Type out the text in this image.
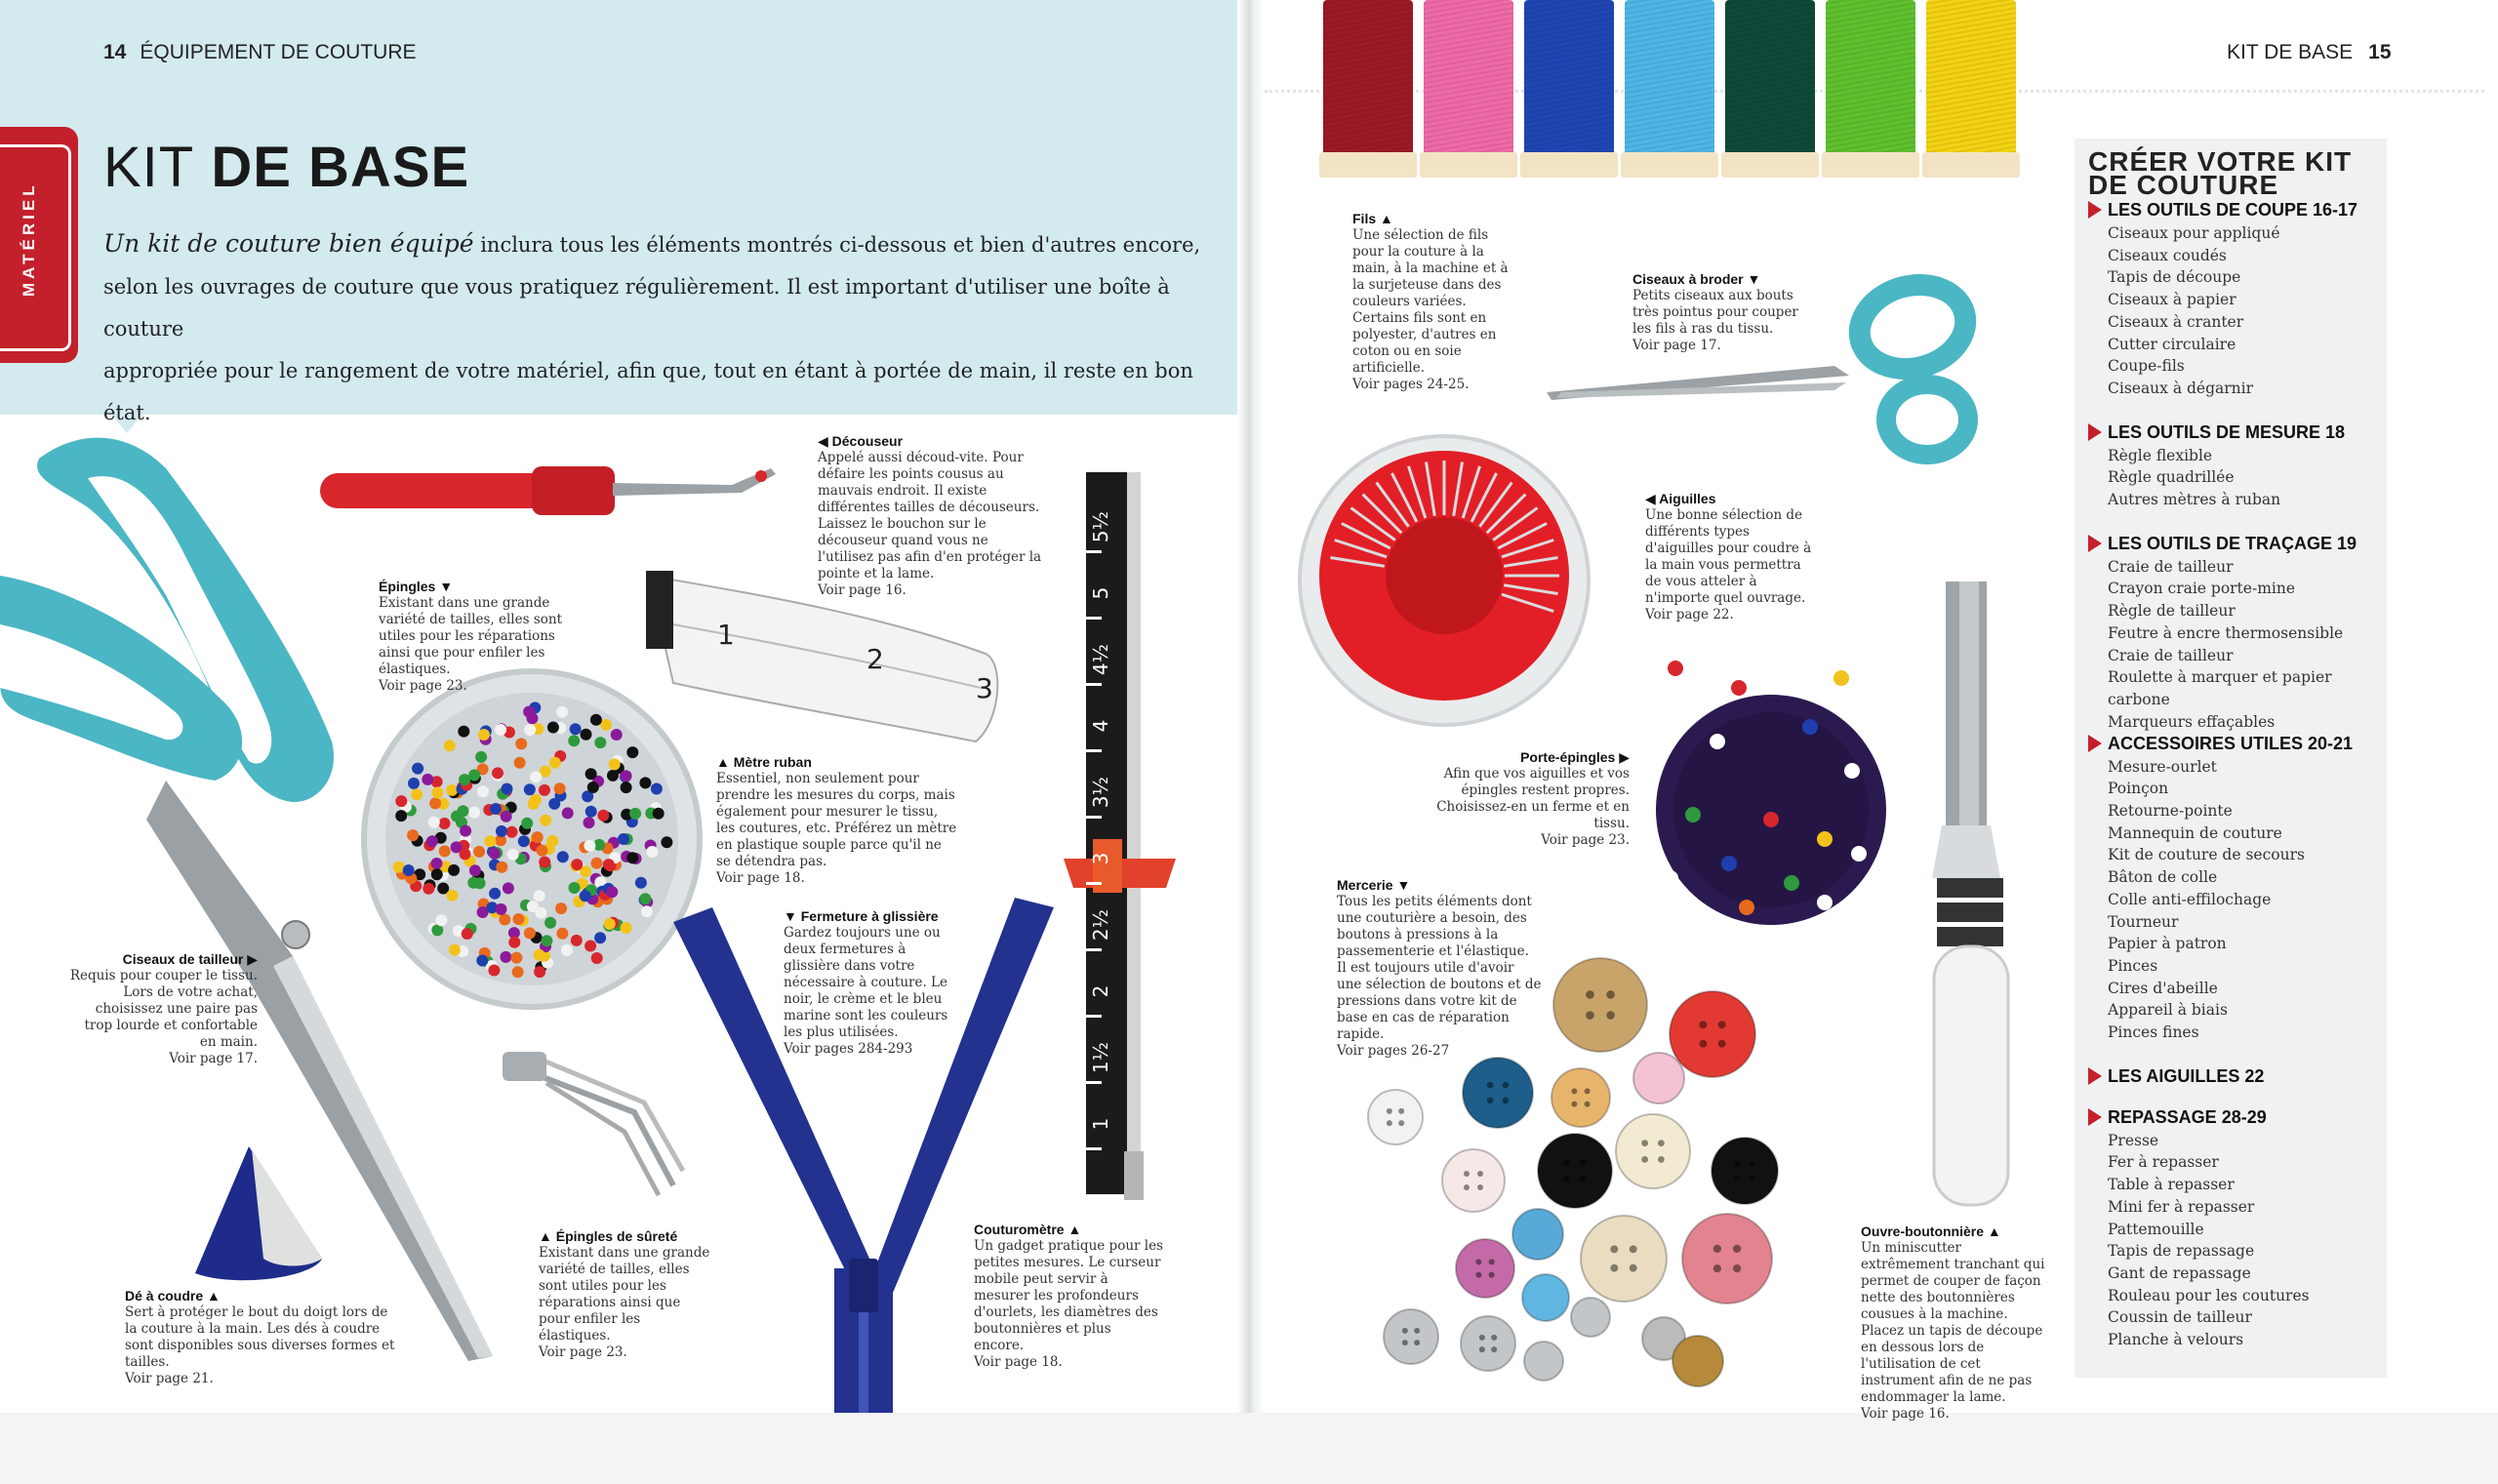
14 ÉQUIPEMENT DE COUTURE
MATÉRIEL
KIT DE BASE
Un kit de couture bien équipé inclura tous les éléments montrés ci-dessous et bien d'autres encore,
selon les ouvrages de couture que vous pratiquez régulièrement. Il est important d'utiliser une boîte à couture
appropriée pour le rangement de votre matériel, afin que, tout en étant à portée de main, il reste en bon état.
1
2
3
5½
5
4½
4
3½
3
2½
2
1½
1
◀ Découseur
Appelé aussi découd-vite. Pour défaire les points cousus au mauvais endroit. Il existe différentes tailles de découseurs. Laissez le bouchon sur le découseur quand vous ne l'utilisez pas afin d'en protéger la pointe et la lame.
Voir page 16.
Épingles ▼
Existant dans une grande variété de tailles, elles sont utiles pour les réparations ainsi que pour enfiler les élastiques.
Voir page 23.
▲ Mètre ruban
Essentiel, non seulement pour prendre les mesures du corps, mais également pour mesurer le tissu, les coutures, etc. Préférez un mètre en plastique souple parce qu'il ne se détendra pas.
Voir page 18.
▼ Fermeture à glissière
Gardez toujours une ou deux fermetures à glissière dans votre nécessaire à couture. Le noir, le crème et le bleu marine sont les couleurs les plus utilisées.
Voir pages 284-293
Ciseaux de tailleur ▶
Requis pour couper le tissu. Lors de votre achat, choisissez une paire pas trop lourde et confortable en main.
Voir page 17.
Dé à coudre ▲
Sert à protéger le bout du doigt lors de la couture à la main. Les dés à coudre sont disponibles sous diverses formes et tailles.
Voir page 21.
▲ Épingles de sûreté
Existant dans une grande variété de tailles, elles sont utiles pour les réparations ainsi que pour enfiler les élastiques.
Voir page 23.
Couturomètre ▲
Un gadget pratique pour les petites mesures. Le curseur mobile peut servir à mesurer les profondeurs d'ourlets, les diamètres des boutonnières et plus encore.
Voir page 18.
KIT DE BASE 15
Fils ▲
Une sélection de fils pour la couture à la main, à la machine et à la surjeteuse dans des couleurs variées. Certains fils sont en polyester, d'autres en coton ou en soie artificielle.
Voir pages 24-25.
Ciseaux à broder ▼
Petits ciseaux aux bouts très pointus pour couper les fils à ras du tissu.
Voir page 17.
◀ Aiguilles
Une bonne sélection de différents types d'aiguilles pour coudre à la main vous permettra de vous atteler à n'importe quel ouvrage.
Voir page 22.
Porte-épingles ▶
Afin que vos aiguilles et vos épingles restent propres. Choisissez-en un ferme et en tissu.
Voir page 23.
Mercerie ▼
Tous les petits éléments dont une couturière a besoin, des boutons à pressions à la passementerie et l'élastique. Il est toujours utile d'avoir une sélection de boutons et de pressions dans votre kit de base en cas de réparation rapide.
Voir pages 26-27
Ouvre-boutonnière ▲
Un miniscutter extrêmement tranchant qui permet de couper de façon nette des boutonnières cousues à la machine. Placez un tapis de découpe en dessous lors de l'utilisation de cet instrument afin de ne pas endommager la lame.
Voir page 16.
CRÉER VOTRE KIT
DE COUTURE
LES OUTILS DE COUPE 16-17
Ciseaux pour appliqué
Ciseaux coudés
Tapis de découpe
Ciseaux à papier
Ciseaux à cranter
Cutter circulaire
Coupe-fils
Ciseaux à dégarnir
LES OUTILS DE MESURE 18
Règle flexible
Règle quadrillée
Autres mètres à ruban
LES OUTILS DE TRAÇAGE 19
Craie de tailleur
Crayon craie porte-mine
Règle de tailleur
Feutre à encre thermosensible
Craie de tailleur
Roulette à marquer et papier carbone
Marqueurs effaçables
ACCESSOIRES UTILES 20-21
Mesure-ourlet
Poinçon
Retourne-pointe
Mannequin de couture
Kit de couture de secours
Bâton de colle
Colle anti-effilochage
Tourneur
Papier à patron
Pinces
Cires d'abeille
Appareil à biais
Pinces fines
LES AIGUILLES 22
REPASSAGE 28-29
Presse
Fer à repasser
Table à repasser
Mini fer à repasser
Pattemouille
Tapis de repassage
Gant de repassage
Rouleau pour les coutures
Coussin de tailleur
Planche à velours
